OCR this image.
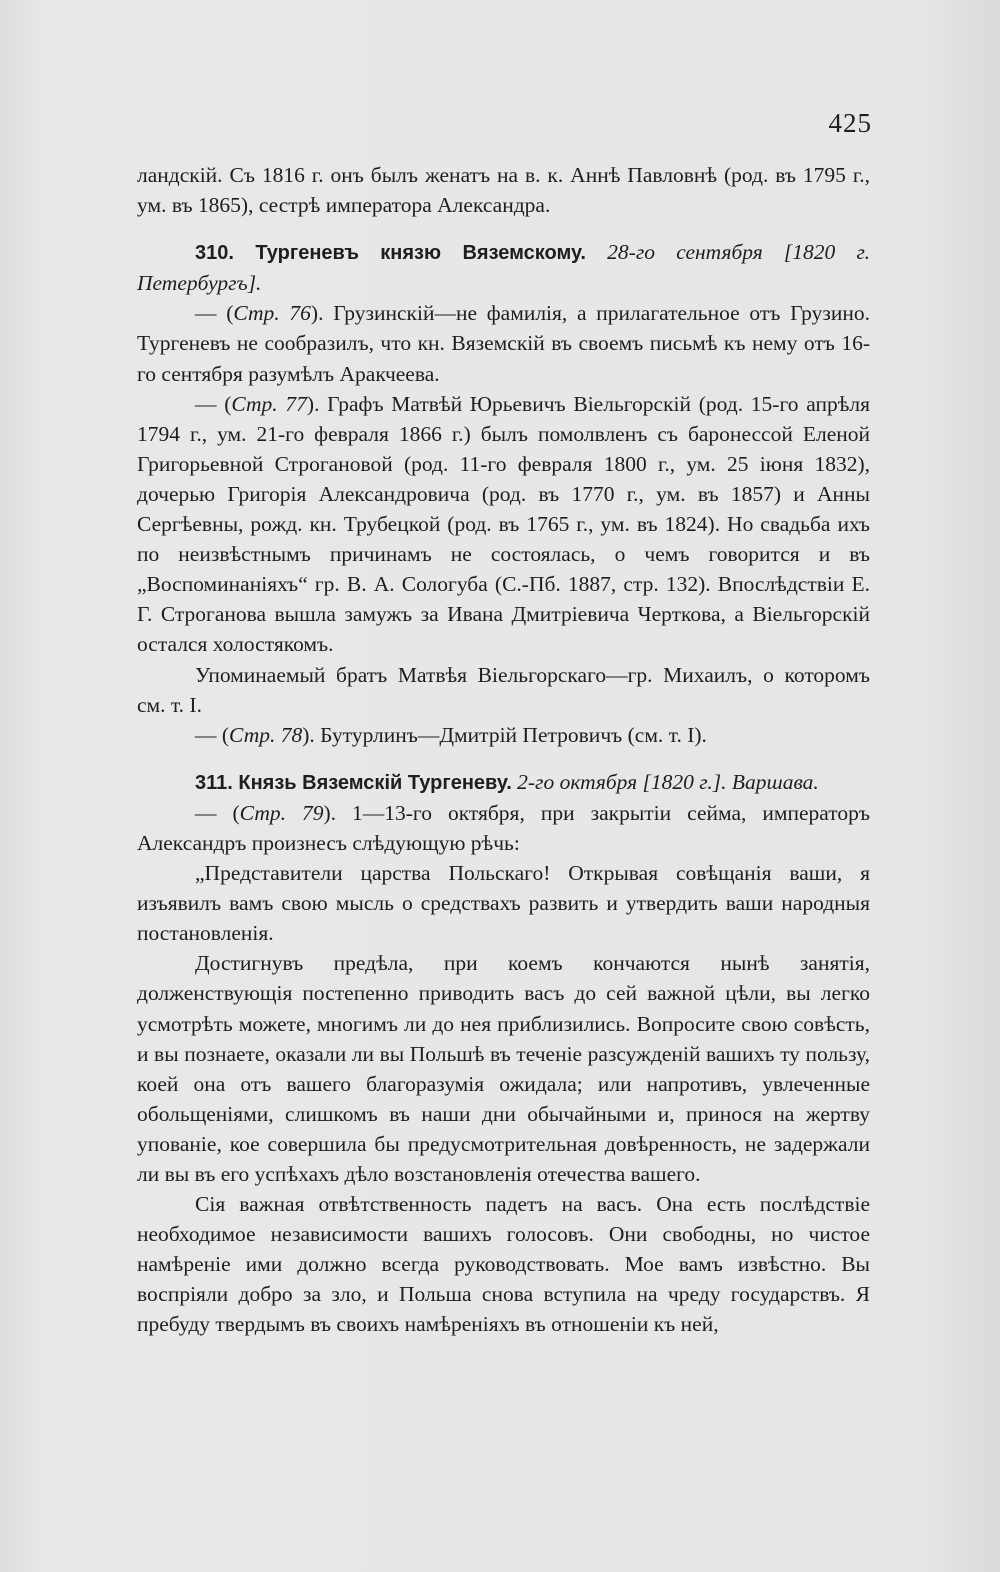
425

ландскій. Съ 1816 г. онъ былъ женатъ на в. к. Аннѣ Павловнѣ (род. въ 1795 г., ум. въ 1865), сестрѣ императора Александра.

310. Тургеневъ князю Вяземскому. 28-го сентября [1820 г. Петербургъ].

— (Стр. 76). Грузинскій—не фамилія, а прилагательное отъ Грузино. Тургеневъ не сообразилъ, что кн. Вяземскій въ своемъ письмѣ къ нему отъ 16-го сентября разумѣлъ Аракчеева.

— (Стр. 77). Графъ Матвѣй Юрьевичъ Віельгорскій (род. 15-го апрѣля 1794 г., ум. 21-го февраля 1866 г.) былъ помолвленъ съ баронессой Еленой Григорьевной Строгановой (род. 11-го февраля 1800 г., ум. 25 іюня 1832), дочерью Григорія Александровича (род. въ 1770 г., ум. въ 1857) и Анны Сергѣевны, рожд. кн. Трубецкой (род. въ 1765 г., ум. въ 1824). Но свадьба ихъ по неизвѣстнымъ причинамъ не состоялась, о чемъ говорится и въ „Воспоминаніяхъ“ гр. В. А. Сологуба (С.-Пб. 1887, стр. 132). Впослѣдствіи Е. Г. Строганова вышла замужъ за Ивана Дмитріевича Черткова, а Віельгорскій остался холостякомъ.

Упоминаемый братъ Матвѣя Віельгорскаго—гр. Михаилъ, о которомъ см. т. I.

— (Стр. 78). Бутурлинъ—Дмитрій Петровичъ (см. т. I).

311. Князь Вяземскій Тургеневу. 2-го октября [1820 г.]. Варшава.

— (Стр. 79). 1—13-го октября, при закрытіи сейма, императоръ Александръ произнесъ слѣдующую рѣчь:

„Представители царства Польскаго! Открывая совѣщанія ваши, я изъявилъ вамъ свою мысль о средствахъ развить и утвердить ваши народныя постановленія.

Достигнувъ предѣла, при коемъ кончаются нынѣ занятія, долженствующія постепенно приводить васъ до сей важной цѣли, вы легко усмотрѣть можете, многимъ ли до нея приблизились. Вопросите свою совѣсть, и вы познаете, оказали ли вы Польшѣ въ теченіе разсужденій вашихъ ту пользу, коей она отъ вашего благоразумія ожидала; или напротивъ, увлеченные обольщеніями, слишкомъ въ наши дни обычайными и, принося на жертву упованіе, кое совершила бы предусмотрительная довѣренность, не задержали ли вы въ его успѣхахъ дѣло возстановленія отечества вашего.

Сія важная отвѣтственность падетъ на васъ. Она есть послѣдствіе необходимое независимости вашихъ голосовъ. Они свободны, но чистое намѣреніе ими должно всегда руководствовать. Мое вамъ извѣстно. Вы воспріяли добро за зло, и Польша снова вступила на чреду государствъ. Я пребуду твердымъ въ своихъ намѣреніяхъ въ отношеніи къ ней,
